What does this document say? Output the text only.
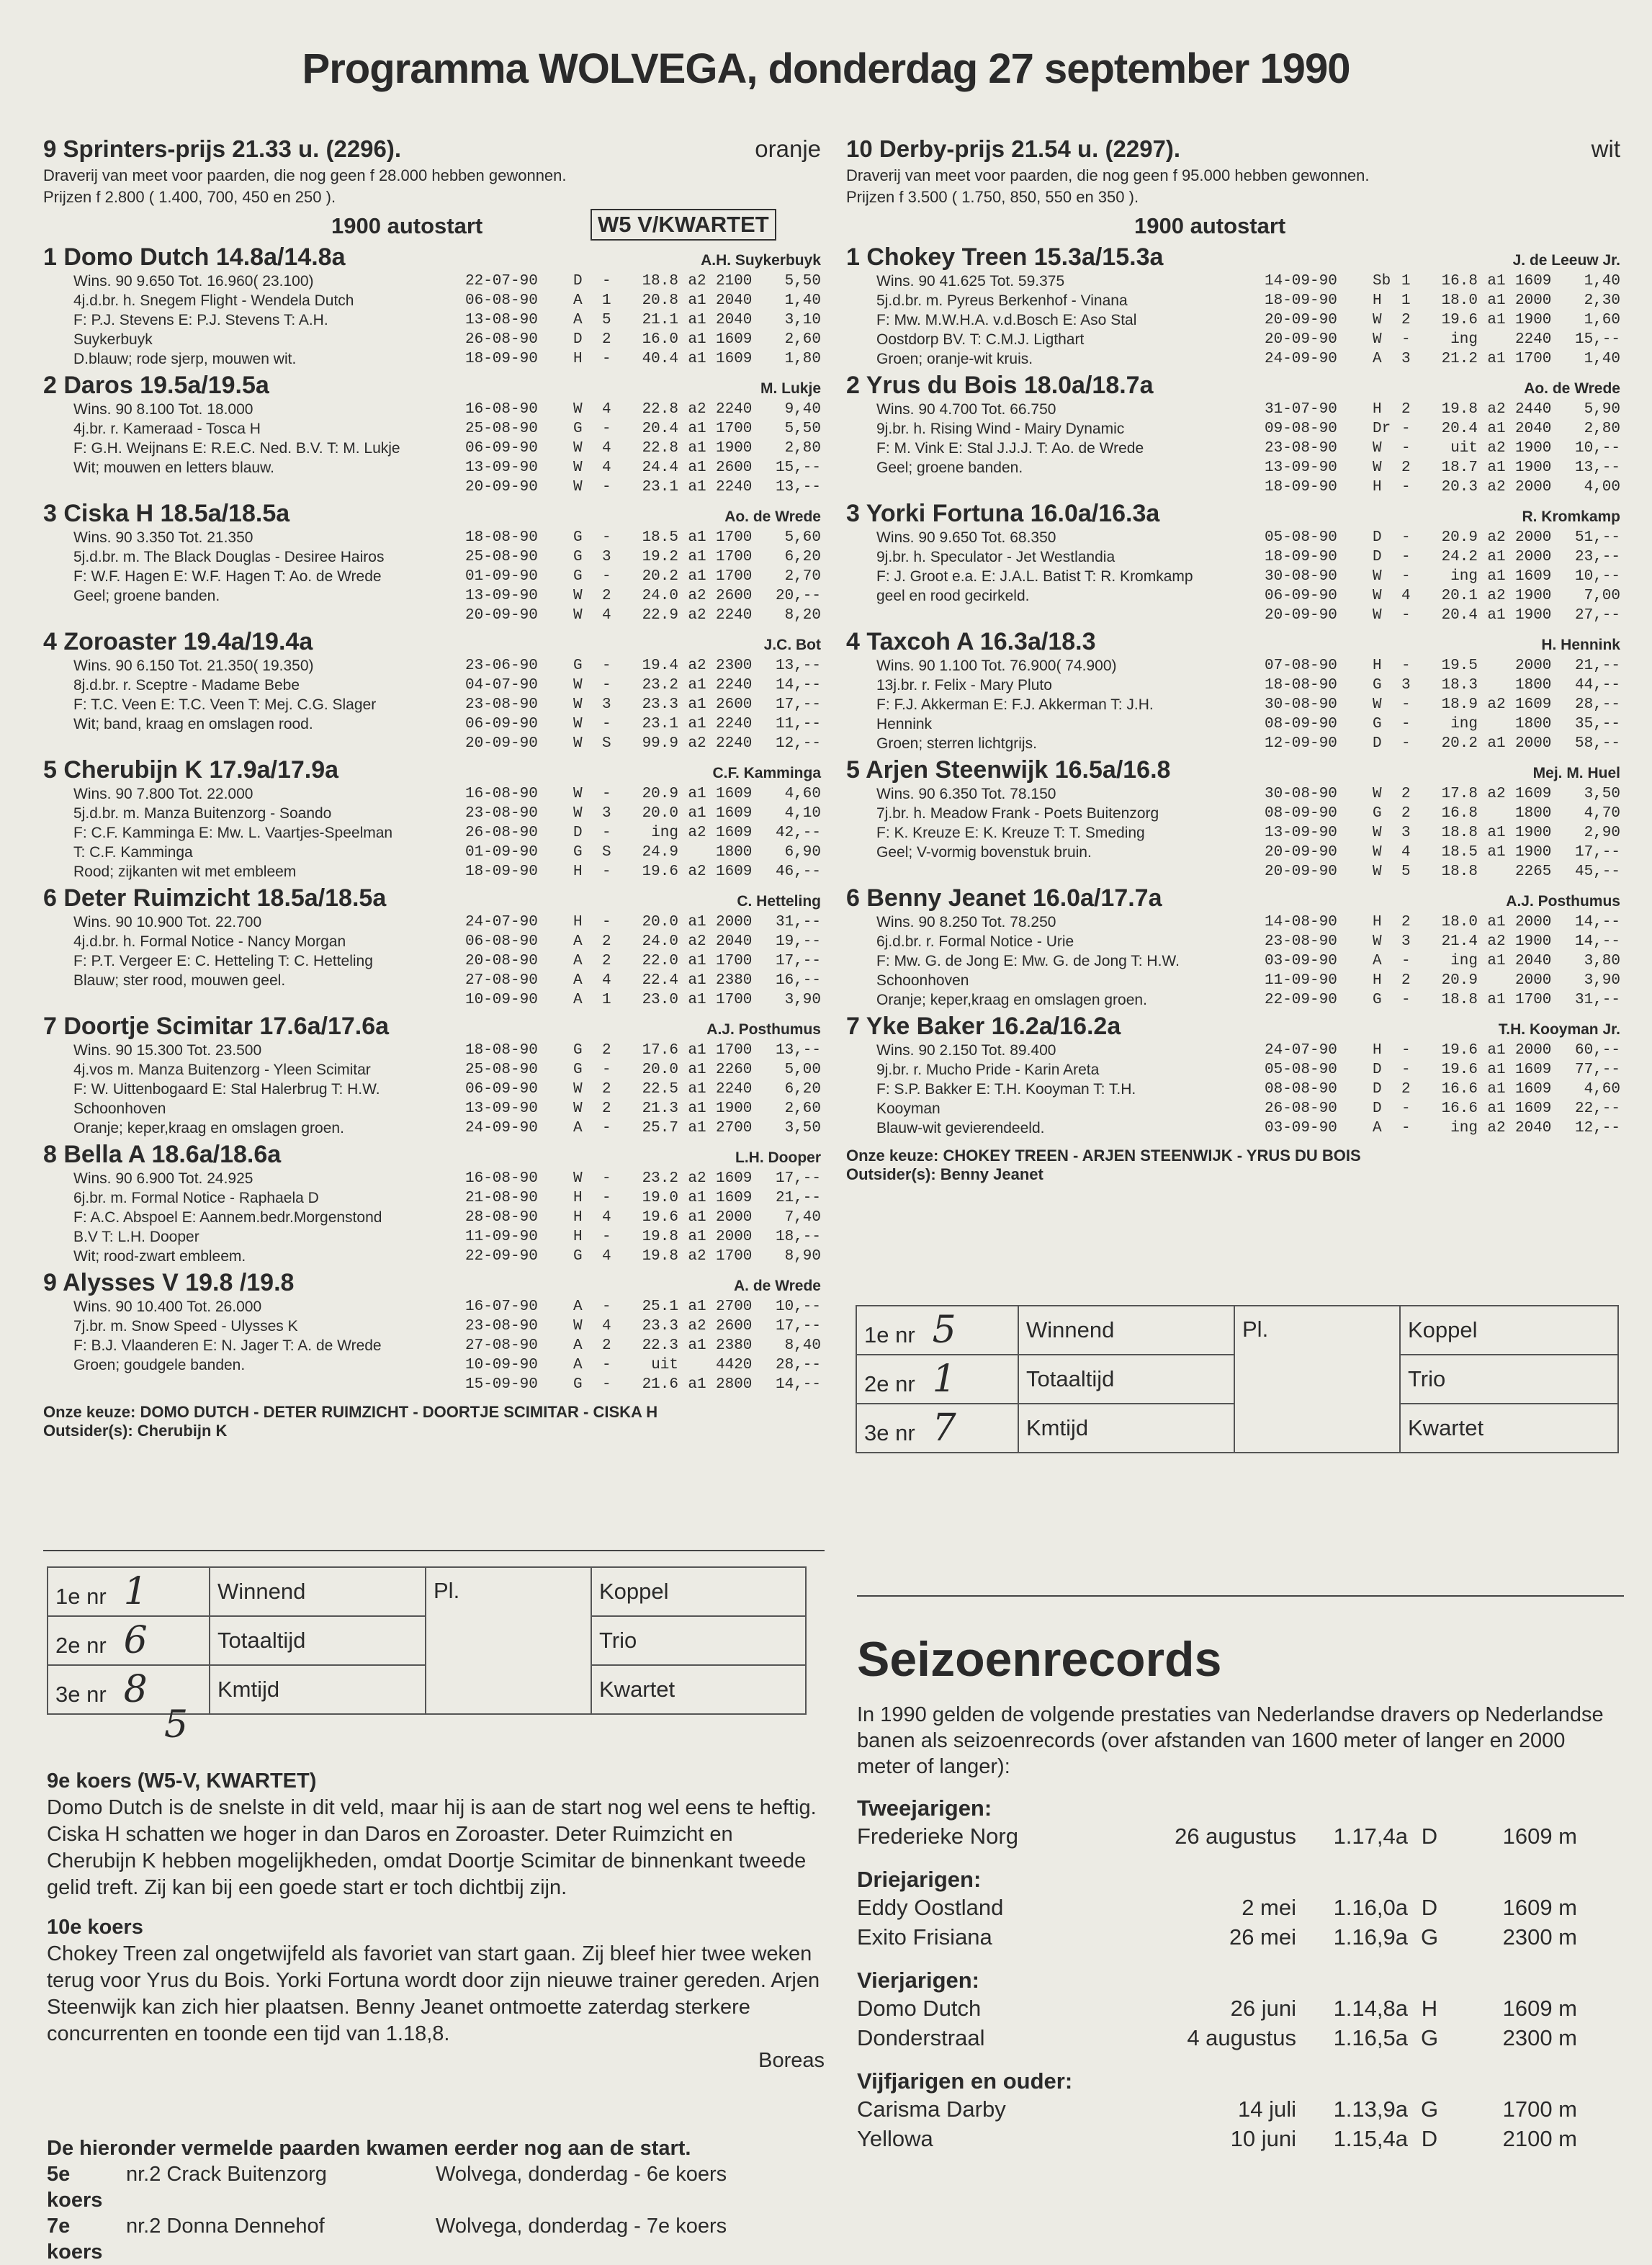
Programma WOLVEGA, donderdag 27 september 1990
9 Sprinters-prijs 21.33 u. (2296).	oranje
Draverij van meet voor paarden, die nog geen f 28.000 hebben gewonnen.
Prijzen f 2.800 ( 1.400, 700, 450 en 250 ).
1900 autostart	W5 V/KWARTET
1 Domo Dutch 14.8a/14.8a	A.H. Suykerbuyk
Wins. 90 9.650 Tot. 16.960( 23.100)
4j.d.br. h. Snegem Flight - Wendela Dutch
F: P.J. Stevens E: P.J. Stevens T: A.H.
Suykerbuyk
D.blauw; rode sjerp, mouwen wit.
22-07-90	D	-	18.8 a2 2100	5,50
06-08-90	A	1	20.8 a1 2040	1,40
13-08-90	A	5	21.1 a1 2040	3,10
26-08-90	D	2	16.0 a1 1609	2,60
18-09-90	H	-	40.4 a1 1609	1,80
2 Daros 19.5a/19.5a	M. Lukje
Wins. 90 8.100 Tot. 18.000
4j.br. r. Kameraad - Tosca H
F: G.H. Weijnans E: R.E.C. Ned. B.V. T: M. Lukje
Wit; mouwen en letters blauw.
16-08-90	W	4	22.8 a2 2240	9,40
25-08-90	G	-	20.4 a1 1700	5,50
06-09-90	W	4	22.8 a1 1900	2,80
13-09-90	W	4	24.4 a1 2600	15,--
20-09-90	W	-	23.1 a1 2240	13,--
3 Ciska H 18.5a/18.5a	Ao. de Wrede
Wins. 90 3.350 Tot. 21.350
5j.d.br. m. The Black Douglas - Desiree Hairos
F: W.F. Hagen E: W.F. Hagen T: Ao. de Wrede
Geel; groene banden.
18-08-90	G	-	18.5 a1 1700	5,60
25-08-90	G	3	19.2 a1 1700	6,20
01-09-90	G	-	20.2 a1 1700	2,70
13-09-90	W	2	24.0 a2 2600	20,--
20-09-90	W	4	22.9 a2 2240	8,20
4 Zoroaster 19.4a/19.4a	J.C. Bot
Wins. 90 6.150 Tot. 21.350( 19.350)
8j.d.br. r. Sceptre - Madame Bebe
F: T.C. Veen E: T.C. Veen T: Mej. C.G. Slager
Wit; band, kraag en omslagen rood.
23-06-90	G	-	19.4 a2 2300	13,--
04-07-90	W	-	23.2 a1 2240	14,--
23-08-90	W	3	23.3 a1 2600	17,--
06-09-90	W	-	23.1 a1 2240	11,--
20-09-90	W	S	99.9 a2 2240	12,--
5 Cherubijn K 17.9a/17.9a	C.F. Kamminga
Wins. 90 7.800 Tot. 22.000
5j.d.br. m. Manza Buitenzorg - Soando
F: C.F. Kamminga E: Mw. L. Vaartjes-Speelman
T: C.F. Kamminga
Rood; zijkanten wit met embleem
16-08-90	W	-	20.9 a1 1609	4,60
23-08-90	W	3	20.0 a1 1609	4,10
26-08-90	D	-	ing a2 1609	42,--
01-09-90	G	S	24.9 1800	6,90
18-09-90	H	-	19.6 a2 1609	46,--
6 Deter Ruimzicht 18.5a/18.5a	C. Hetteling
Wins. 90 10.900 Tot. 22.700
4j.d.br. h. Formal Notice - Nancy Morgan
F: P.T. Vergeer E: C. Hetteling T: C. Hetteling
Blauw; ster rood, mouwen geel.
24-07-90	H	-	20.0 a1 2000	31,--
06-08-90	A	2	24.0 a2 2040	19,--
20-08-90	A	2	22.0 a1 1700	17,--
27-08-90	A	4	22.4 a1 2380	16,--
10-09-90	A	1	23.0 a1 1700	3,90
7 Doortje Scimitar 17.6a/17.6a	A.J. Posthumus
Wins. 90 15.300 Tot. 23.500
4j.vos m. Manza Buitenzorg - Yleen Scimitar
F: W. Uittenbogaard E: Stal Halerbrug T: H.W.
Schoonhoven
Oranje; keper,kraag en omslagen groen.
18-08-90	G	2	17.6 a1 1700	13,--
25-08-90	G	-	20.0 a1 2260	5,00
06-09-90	W	2	22.5 a1 2240	6,20
13-09-90	W	2	21.3 a1 1900	2,60
24-09-90	A	-	25.7 a1 2700	3,50
8 Bella A 18.6a/18.6a	L.H. Dooper
Wins. 90 6.900 Tot. 24.925
6j.br. m. Formal Notice - Raphaela D
F: A.C. Abspoel E: Aannem.bedr.Morgenstond
B.V T: L.H. Dooper
Wit; rood-zwart embleem.
16-08-90	W	-	23.2 a2 1609	17,--
21-08-90	H	-	19.0 a1 1609	21,--
28-08-90	H	4	19.6 a1 2000	7,40
11-09-90	H	-	19.8 a1 2000	18,--
22-09-90	G	4	19.8 a2 1700	8,90
9 Alysses V 19.8 /19.8	A. de Wrede
Wins. 90 10.400 Tot. 26.000
7j.br. m. Snow Speed - Ulysses K
F: B.J. Vlaanderen E: N. Jager T: A. de Wrede
Groen; goudgele banden.
16-07-90	A	-	25.1 a1 2700	10,--
23-08-90	W	4	23.3 a2 2600	17,--
27-08-90	A	2	22.3 a1 2380	8,40
10-09-90	A	-	uit 4420	28,--
15-09-90	G	-	21.6 a1 2800	14,--
Onze keuze: DOMO DUTCH - DETER RUIMZICHT - DOORTJE SCIMITAR - CISKA H
Outsider(s): Cherubijn K
10 Derby-prijs 21.54 u. (2297).	wit
Draverij van meet voor paarden, die nog geen f 95.000 hebben gewonnen.
Prijzen f 3.500 ( 1.750, 850, 550 en 350 ).
1900 autostart
1 Chokey Treen 15.3a/15.3a	J. de Leeuw Jr.
Wins. 90 41.625 Tot. 59.375
5j.d.br. m. Pyreus Berkenhof - Vinana
F: Mw. M.W.H.A. v.d.Bosch E: Aso Stal
Oostdorp BV. T: C.M.J. Ligthart
Groen; oranje-wit kruis.
14-09-90	Sb 1	16.8 a1 1609	1,40
18-09-90	H	1	18.0 a1 2000	2,30
20-09-90	W	2	19.6 a1 1900	1,60
20-09-90	W	-	ing 2240	15,--
24-09-90	A	3	21.2 a1 1700	1,40
2 Yrus du Bois 18.0a/18.7a	Ao. de Wrede
Wins. 90 4.700 Tot. 66.750
9j.br. h. Rising Wind - Mairy Dynamic
F: M. Vink E: Stal J.J.J. T: Ao. de Wrede
Geel; groene banden.
31-07-90	H	2	19.8 a2 2440	5,90
09-08-90	Dr -	20.4 a1 2040	2,80
23-08-90	W	-	uit a2 1900	10,--
13-09-90	W	2	18.7 a1 1900	13,--
18-09-90	H	-	20.3 a2 2000	4,00
3 Yorki Fortuna 16.0a/16.3a	R. Kromkamp
Wins. 90 9.650 Tot. 68.350
9j.br. h. Speculator - Jet Westlandia
F: J. Groot e.a. E: J.A.L. Batist T: R. Kromkamp
geel en rood gecirkeld.
05-08-90	D	-	20.9 a2 2000	51,--
18-09-90	D	-	24.2 a1 2000	23,--
30-08-90	W	-	ing a1 1609	10,--
06-09-90	W	4	20.1 a2 1900	7,00
20-09-90	W	-	20.4 a1 1900	27,--
4 Taxcoh A 16.3a/18.3	H. Hennink
Wins. 90 1.100 Tot. 76.900( 74.900)
13j.br. r. Felix - Mary Pluto
F: F.J. Akkerman E: F.J. Akkerman T: J.H.
Hennink
Groen; sterren lichtgrijs.
07-08-90	H	-	19.5 2000	21,--
18-08-90	G	3	18.3 1800	44,--
30-08-90	W	-	18.9 a2 1609	28,--
08-09-90	G	-	ing 1800	35,--
12-09-90	D	-	20.2 a1 2000	58,--
5 Arjen Steenwijk 16.5a/16.8	Mej. M. Huel
Wins. 90 6.350 Tot. 78.150
7j.br. h. Meadow Frank - Poets Buitenzorg
F: K. Kreuze E: K. Kreuze T: T. Smeding
Geel; V-vormig bovenstuk bruin.
30-08-90	W	2	17.8 a2 1609	3,50
08-09-90	G	2	16.8 1800	4,70
13-09-90	W	3	18.8 a1 1900	2,90
20-09-90	W	4	18.5 a1 1900	17,--
20-09-90	W	5	18.8 2265	45,--
6 Benny Jeanet 16.0a/17.7a	A.J. Posthumus
Wins. 90 8.250 Tot. 78.250
6j.d.br. r. Formal Notice - Urie
F: Mw. G. de Jong E: Mw. G. de Jong T: H.W.
Schoonhoven
Oranje; keper,kraag en omslagen groen.
14-08-90	H	2	18.0 a1 2000	14,--
23-08-90	W	3	21.4 a2 1900	14,--
03-09-90	A	-	ing a1 2040	3,80
11-09-90	H	2	20.9 2000	3,90
22-09-90	G	-	18.8 a1 1700	31,--
7 Yke Baker 16.2a/16.2a	T.H. Kooyman Jr.
Wins. 90 2.150 Tot. 89.400
9j.br. r. Mucho Pride - Karin Areta
F: S.P. Bakker E: T.H. Kooyman T: T.H.
Kooyman
Blauw-wit gevierendeeld.
24-07-90	H	-	19.6 a1 2000	60,--
05-08-90	D	-	19.6 a1 1609	77,--
08-08-90	D	2	16.6 a1 1609	4,60
26-08-90	D	-	16.6 a1 1609	22,--
03-09-90	A	-	ing a2 2040	12,--
Onze keuze: CHOKEY TREEN - ARJEN STEENWIJK - YRUS DU BOIS
Outsider(s): Benny Jeanet
1e nr 5	Winnend	Pl.	Koppel
2e nr 1	Totaaltijd		Trio
3e nr 7	Kmtijd		Kwartet
1e nr 1	Winnend	Pl.	Koppel
2e nr 6	Totaaltijd		Trio
3e nr 8	Kmtijd		Kwartet
5
9e koers (W5-V, KWARTET)

Domo Dutch is de snelste in dit veld, maar hij is aan de start nog wel eens te heftig. Ciska H schatten we hoger in dan Daros en Zoroaster. Deter Ruimzicht en Cherubijn K hebben mogelijkheden, omdat Doortje Scimitar de binnenkant tweede gelid treft. Zij kan bij een goede start er toch dichtbij zijn.

10e koers

Chokey Treen zal ongetwijfeld als favoriet van start gaan. Zij bleef hier twee weken terug voor Yrus du Bois. Yorki Fortuna wordt door zijn nieuwe trainer gereden. Arjen Steenwijk kan zich hier plaatsen. Benny Jeanet ontmoette zaterdag sterkere concurrenten en toonde een tijd van 1.18,8.

Boreas

De hieronder vermelde paarden kwamen eerder nog aan de start.
5e koers
nr.2 Crack Buitenzorg	Wolvega, donderdag - 6e koers
7e koers
nr.2 Donna Dennehof	Wolvega, donderdag - 7e koers
Seizoenrecords
In 1990 gelden de volgende prestaties van Nederlandse dravers op Nederlandse banen als seizoenrecords (over afstanden van 1600 meter of langer en 2000 meter of langer):
Tweejarigen:
Frederieke Norg	26 augustus	1.17,4a D	1609 m
Driejarigen:
Eddy Oostland	2 mei	1.16,0a D	1609 m
Exito Frisiana	26 mei	1.16,9a G	2300 m
Vierjarigen:
Domo Dutch	26 juni	1.14,8a H	1609 m
Donderstraal	4 augustus	1.16,5a G	2300 m
Vijfjarigen en ouder:
Carisma Darby	14 juli	1.13,9a G	1700 m
Yellowa	10 juni	1.15,4a D	2100 m
